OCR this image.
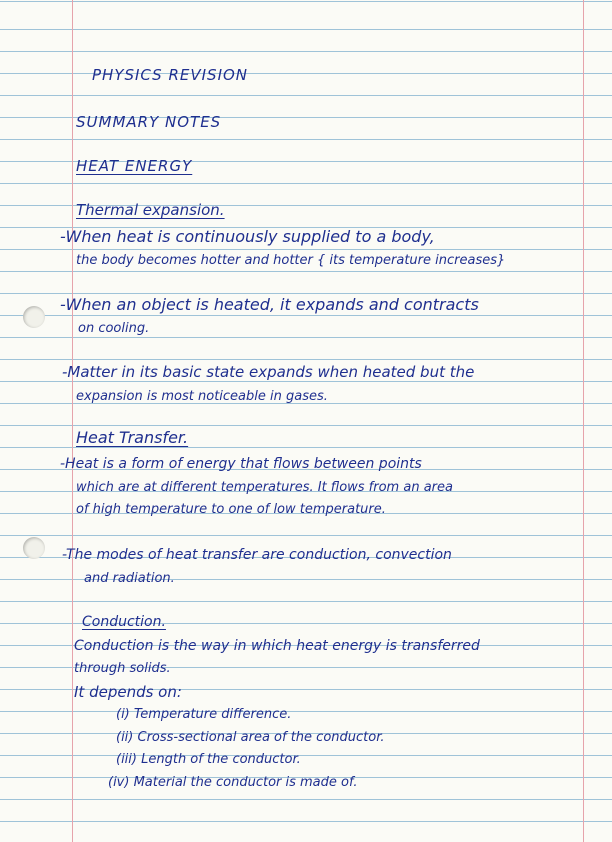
PHYSICS REVISION
SUMMARY NOTES
HEAT ENERGY
Thermal expansion.
-When heat is continuously supplied to a body,
the body becomes hotter and hotter { its temperature increases}
-When an object is heated, it expands and contracts
on cooling.
-Matter in its basic state expands when heated but the
expansion is most noticeable in gases.
Heat Transfer.
-Heat is a form of energy that flows between points
which are at different temperatures. It flows from an area
of high temperature to one of low temperature.
-The modes of heat transfer are conduction, convection
and radiation.
Conduction.
Conduction is the way in which heat energy is transferred
through solids.
It depends on:
(i) Temperature difference.
(ii) Cross-sectional area of the conductor.
(iii) Length of the conductor.
(iv) Material the conductor is made of.
